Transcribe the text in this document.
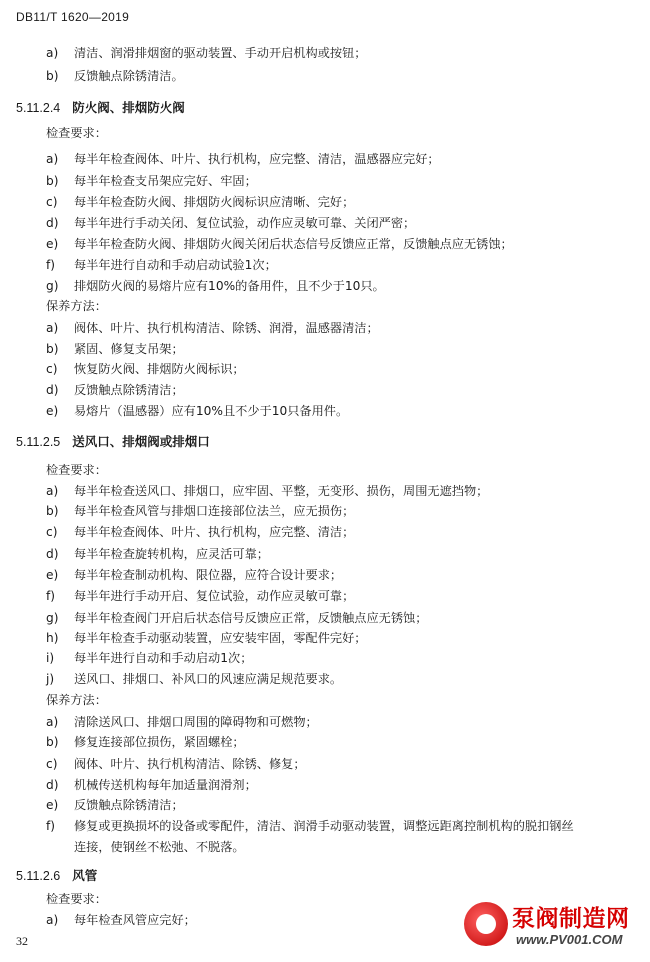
DB11/T 1620—2019
a) 清洁、润滑排烟窗的驱动装置、手动开启机构或按钮；
b) 反馈触点除锈清洁。
5.11.2.4 防火阀、排烟防火阀
检查要求：
a) 每半年检查阀体、叶片、执行机构，应完整、清洁，温感器应完好；
b) 每半年检查支吊架应完好、牢固；
c) 每半年检查防火阀、排烟防火阀标识应清晰、完好；
d) 每半年进行手动关闭、复位试验，动作应灵敏可靠、关闭严密；
e) 每半年检查防火阀、排烟防火阀关闭后状态信号反馈应正常，反馈触点应无锈蚀；
f) 每半年进行自动和手动启动试验1次；
g) 排烟防火阀的易熔片应有10%的备用件，且不少于10只。
保养方法：
a) 阀体、叶片、执行机构清洁、除锈、润滑，温感器清洁；
b) 紧固、修复支吊架；
c) 恢复防火阀、排烟防火阀标识；
d) 反馈触点除锈清洁；
e) 易熔片（温感器）应有10%且不少于10只备用件。
5.11.2.5 送风口、排烟阀或排烟口
检查要求：
a) 每半年检查送风口、排烟口，应牢固、平整，无变形、损伤，周围无遮挡物；
b) 每半年检查风管与排烟口连接部位法兰，应无损伤；
c) 每半年检查阀体、叶片、执行机构，应完整、清洁；
d) 每半年检查旋转机构，应灵活可靠；
e) 每半年检查制动机构、限位器，应符合设计要求；
f) 每半年进行手动开启、复位试验，动作应灵敏可靠；
g) 每半年检查阀门开启后状态信号反馈应正常，反馈触点应无锈蚀；
h) 每半年检查手动驱动装置，应安装牢固，零配件完好；
i) 每半年进行自动和手动启动1次；
j) 送风口、排烟口、补风口的风速应满足规范要求。
保养方法：
a) 清除送风口、排烟口周围的障碍物和可燃物；
b) 修复连接部位损伤，紧固螺栓；
c) 阀体、叶片、执行机构清洁、除锈、修复；
d) 机械传送机构每年加适量润滑剂；
e) 反馈触点除锈清洁；
f) 修复或更换损坏的设备或零配件，清洁、润滑手动驱动装置，调整远距离控制机构的脱扣钢丝
连接，使钢丝不松弛、不脱落。
5.11.2.6 风管
检查要求：
a) 每年检查风管应完好；
32
泵阀制造网
www.PV001.COM
